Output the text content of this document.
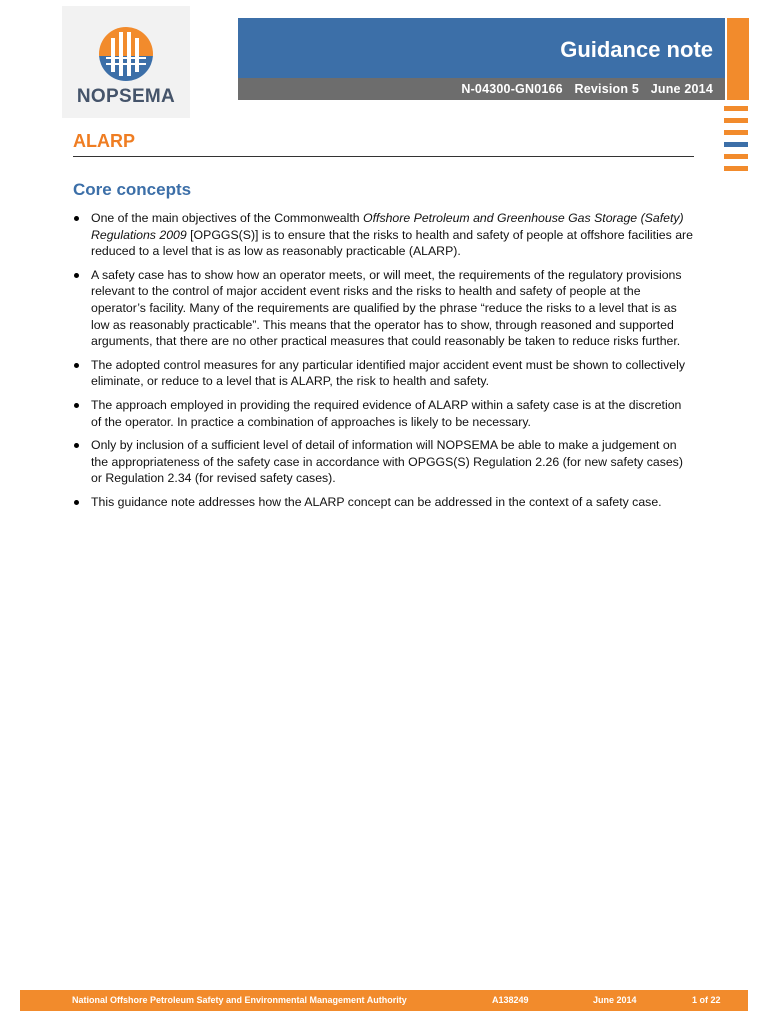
NOPSEMA
Guidance note
N-04300-GN0166 Revision 5 June 2014
ALARP
Core concepts
One of the main objectives of the Commonwealth Offshore Petroleum and Greenhouse Gas Storage (Safety) Regulations 2009 [OPGGS(S)] is to ensure that the risks to health and safety of people at offshore facilities are reduced to a level that is as low as reasonably practicable (ALARP).
A safety case has to show how an operator meets, or will meet, the requirements of the regulatory provisions relevant to the control of major accident event risks and the risks to health and safety of people at the operator’s facility. Many of the requirements are qualified by the phrase “reduce the risks to a level that is as low as reasonably practicable”. This means that the operator has to show, through reasoned and supported arguments, that there are no other practical measures that could reasonably be taken to reduce risks further.
The adopted control measures for any particular identified major accident event must be shown to collectively eliminate, or reduce to a level that is ALARP, the risk to health and safety.
The approach employed in providing the required evidence of ALARP within a safety case is at the discretion of the operator. In practice a combination of approaches is likely to be necessary.
Only by inclusion of a sufficient level of detail of information will NOPSEMA be able to make a judgement on the appropriateness of the safety case in accordance with OPGGS(S) Regulation 2.26 (for new safety cases) or Regulation 2.34 (for revised safety cases).
This guidance note addresses how the ALARP concept can be addressed in the context of a safety case.
National Offshore Petroleum Safety and Environmental Management Authority	A138249	June 2014	1 of 22
